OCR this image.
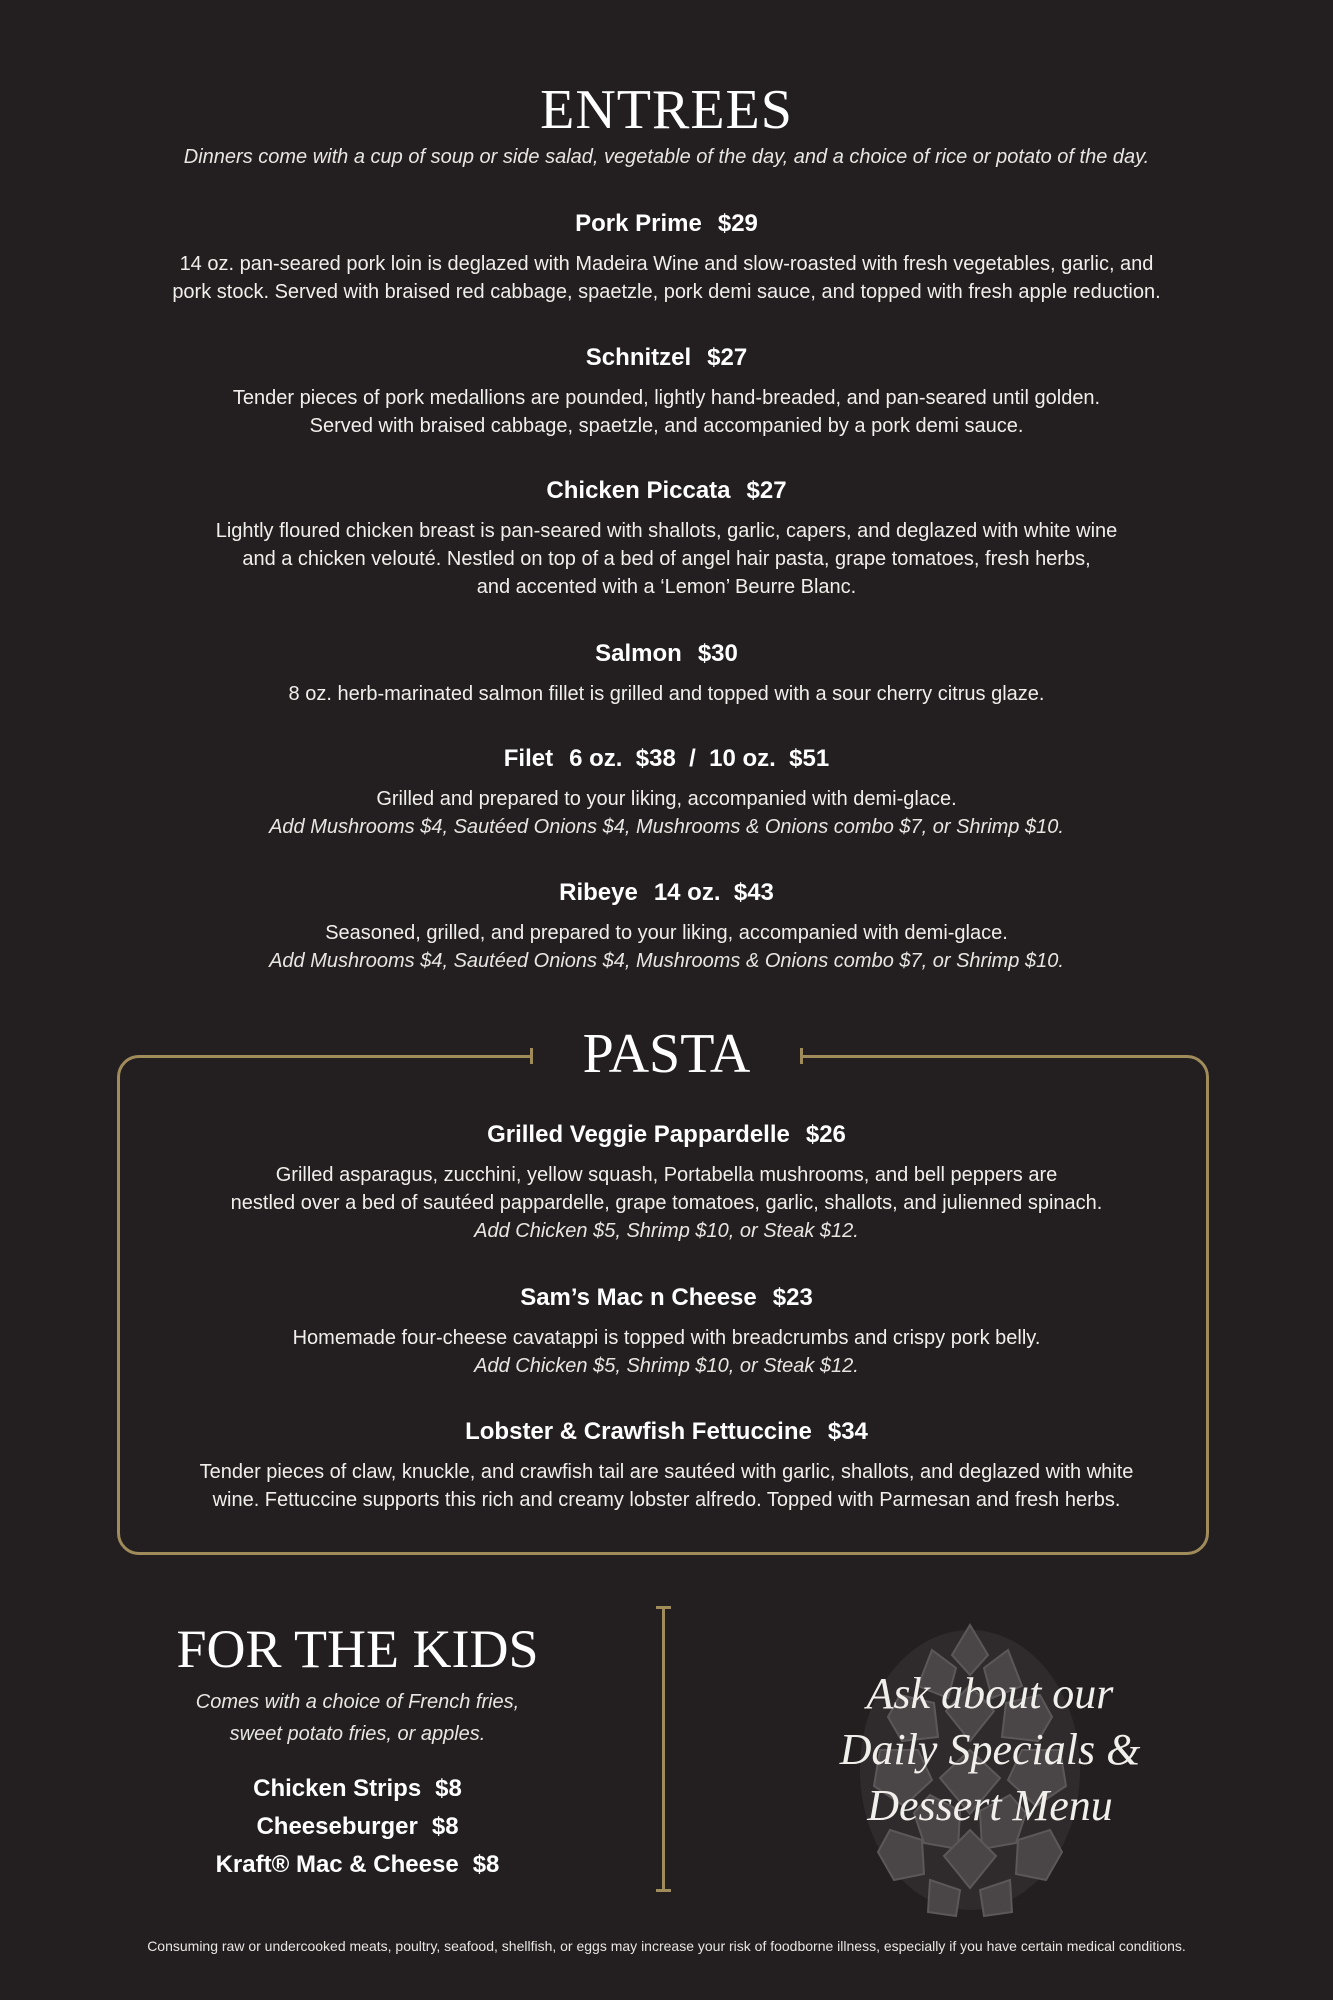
ENTREES
Dinners come with a cup of soup or side salad, vegetable of the day, and a choice of rice or potato of the day.
Pork Prime $29

14 oz. pan-seared pork loin is deglazed with Madeira Wine and slow-roasted with fresh vegetables, garlic, and

pork stock. Served with braised red cabbage, spaetzle, pork demi sauce, and topped with fresh apple reduction.

Schnitzel $27

Tender pieces of pork medallions are pounded, lightly hand-breaded, and pan-seared until golden.

Served with braised cabbage, spaetzle, and accompanied by a pork demi sauce.

Chicken Piccata $27

Lightly floured chicken breast is pan-seared with shallots, garlic, capers, and deglazed with white wine

and a chicken velouté. Nestled on top of a bed of angel hair pasta, grape tomatoes, fresh herbs,

and accented with a ‘Lemon’ Beurre Blanc.

Salmon $30

8 oz. herb-marinated salmon fillet is grilled and topped with a sour cherry citrus glaze.

Filet 6 oz.  $38  /  10 oz.  $51

Grilled and prepared to your liking, accompanied with demi-glace.

Add Mushrooms $4, Sautéed Onions $4, Mushrooms & Onions combo $7, or Shrimp $10.

Ribeye 14 oz.  $43

Seasoned, grilled, and prepared to your liking, accompanied with demi-glace.

Add Mushrooms $4, Sautéed Onions $4, Mushrooms & Onions combo $7, or Shrimp $10.

PASTA
Grilled Veggie Pappardelle $26

Grilled asparagus, zucchini, yellow squash, Portabella mushrooms, and bell peppers are

nestled over a bed of sautéed pappardelle, grape tomatoes, garlic, shallots, and julienned spinach.

Add Chicken $5, Shrimp $10, or Steak $12.

Sam’s Mac n Cheese $23

Homemade four-cheese cavatappi is topped with breadcrumbs and crispy pork belly.

Add Chicken $5, Shrimp $10, or Steak $12.

Lobster & Crawfish Fettuccine $34

Tender pieces of claw, knuckle, and crawfish tail are sautéed with garlic, shallots, and deglazed with white

wine. Fettuccine supports this rich and creamy lobster alfredo. Topped with Parmesan and fresh herbs.

FOR THE KIDS
Comes with a choice of French fries,
sweet potato fries, or apples.
Chicken Strips $8
Cheeseburger $8
Kraft® Mac & Cheese $8
Ask about our
Daily Specials &
Dessert Menu
Consuming raw or undercooked meats, poultry, seafood, shellfish, or eggs may increase your risk of foodborne illness, especially if you have certain medical conditions.
